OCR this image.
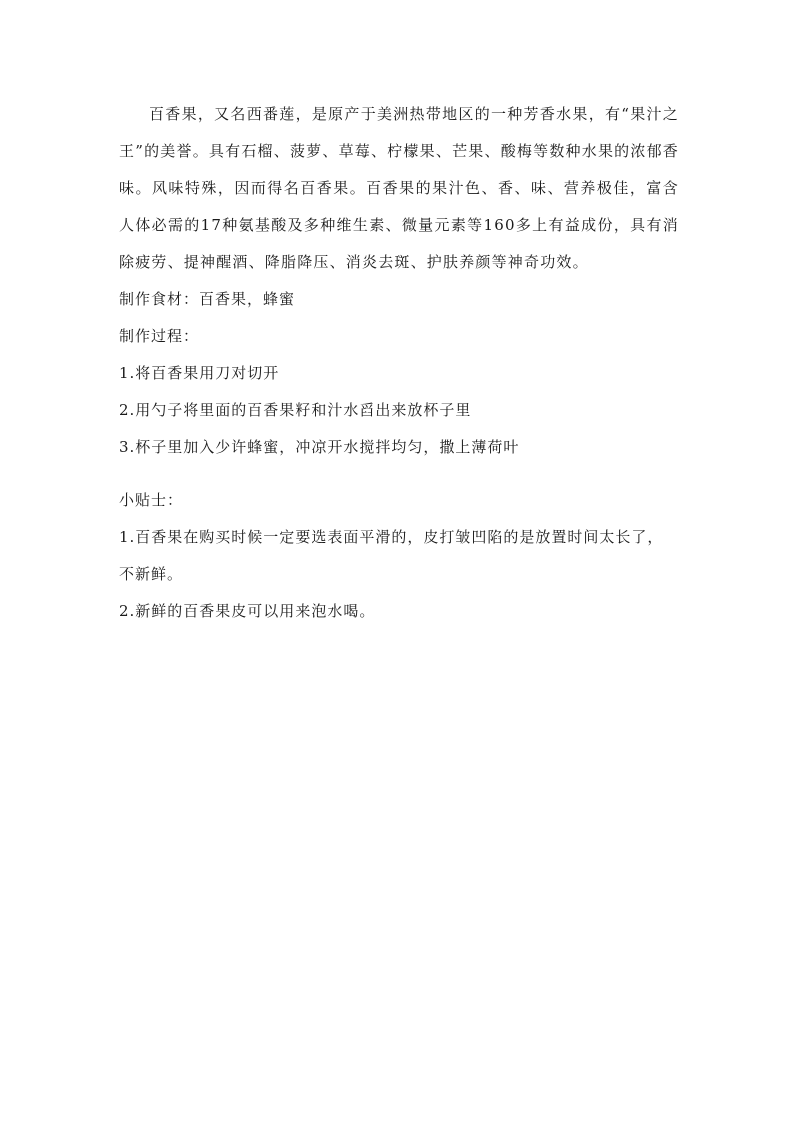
百香果，又名西番莲，是原产于美洲热带地区的一种芳香水果，有“果汁之王”的美誉。具有石榴、菠萝、草莓、柠檬果、芒果、酸梅等数种水果的浓郁香味。风味特殊，因而得名百香果。百香果的果汁色、香、味、营养极佳，富含人体必需的17种氨基酸及多种维生素、微量元素等160多上有益成份，具有消除疲劳、提神醒酒、降脂降压、消炎去斑、护肤养颜等神奇功效。

制作食材：百香果，蜂蜜

制作过程：

1.将百香果用刀对切开

2.用勺子将里面的百香果籽和汁水舀出来放杯子里

3.杯子里加入少许蜂蜜，冲凉开水搅拌均匀，撒上薄荷叶

小贴士：

1.百香果在购买时候一定要选表面平滑的，皮打皱凹陷的是放置时间太长了，不新鲜。

2.新鲜的百香果皮可以用来泡水喝。
